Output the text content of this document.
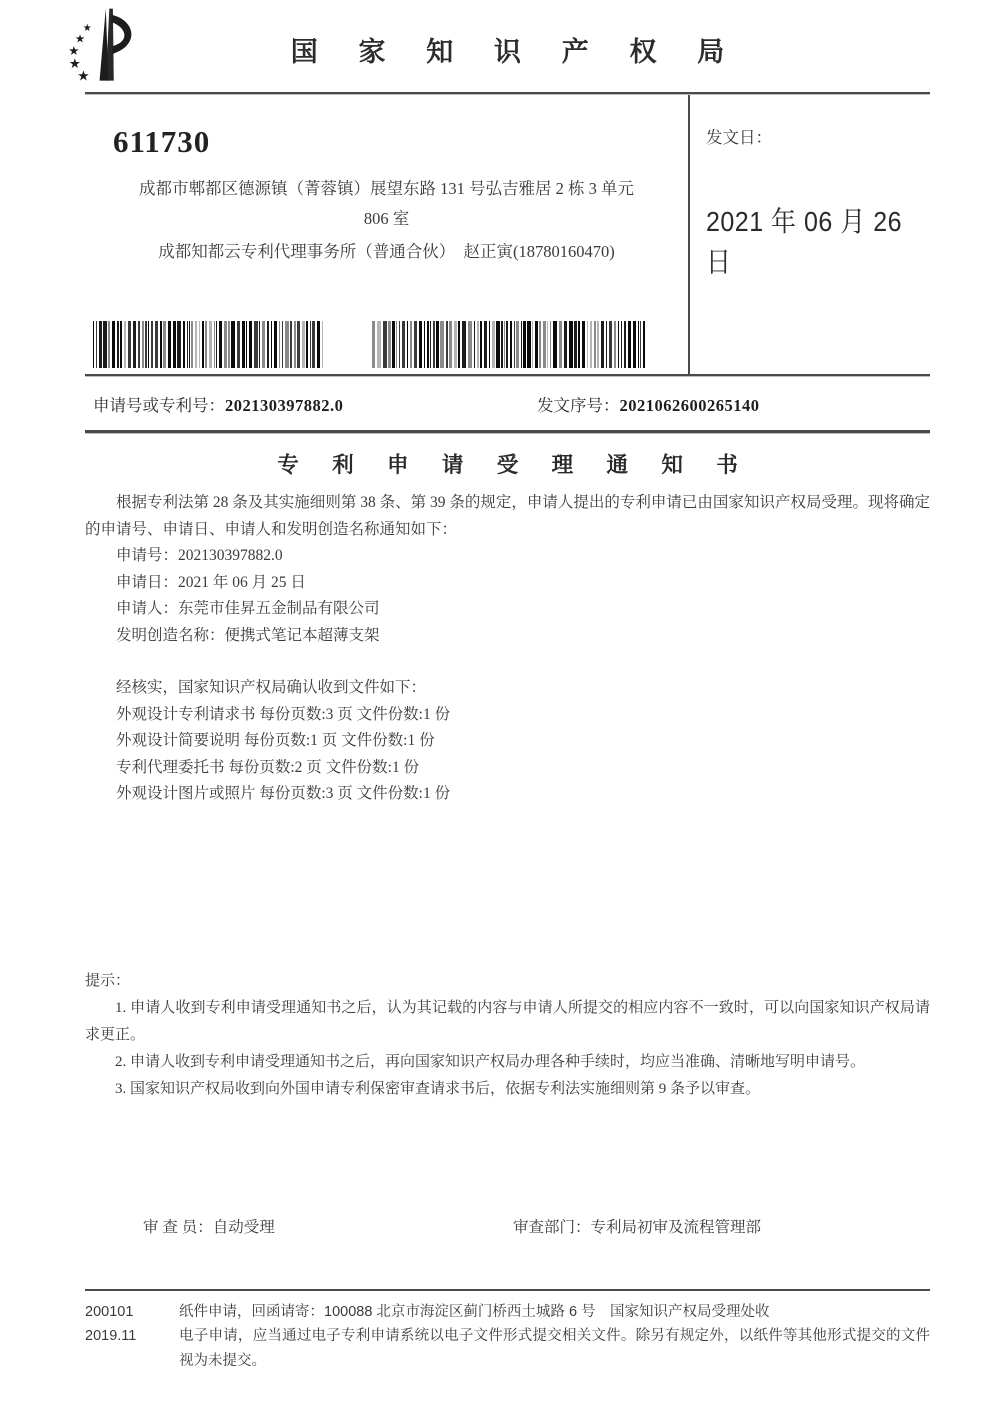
★
★
★
★
★
国 家 知 识 产 权 局
611730
成都市郫都区德源镇（菁蓉镇）展望东路 131 号弘吉雅居 2 栋 3 单元
806 室
成都知都云专利代理事务所（普通合伙）　赵正寅(18780160470)
发文日：
2021 年 06 月 26 日
申请号或专利号：202130397882.0	发文序号：2021062600265140
专 利 申 请 受 理 通 知 书

根据专利法第 28 条及其实施细则第 38 条、第 39 条的规定，申请人提出的专利申请已由国家知识产权局受理。现将确定的申请号、申请日、申请人和发明创造名称通知如下：

申请号：202130397882.0
申请日：2021 年 06 月 25 日
申请人：东莞市佳昇五金制品有限公司
发明创造名称：便携式笔记本超薄支架
经核实，国家知识产权局确认收到文件如下：
外观设计专利请求书 每份页数:3 页 文件份数:1 份
外观设计简要说明 每份页数:1 页 文件份数:1 份
专利代理委托书 每份页数:2 页 文件份数:1 份
外观设计图片或照片 每份页数:3 页 文件份数:1 份

提示：

1. 申请人收到专利申请受理通知书之后，认为其记载的内容与申请人所提交的相应内容不一致时，可以向国家知识产权局请求更正。

2. 申请人收到专利申请受理通知书之后，再向国家知识产权局办理各种手续时，均应当准确、清晰地写明申请号。

3. 国家知识产权局收到向外国申请专利保密审查请求书后，依据专利法实施细则第 9 条予以审查。

审 查 员：自动受理	审查部门：专利局初审及流程管理部
200101
2019.11

纸件申请，回函请寄：100088 北京市海淀区蓟门桥西土城路 6 号　国家知识产权局受理处收

电子申请，应当通过电子专利申请系统以电子文件形式提交相关文件。除另有规定外，以纸件等其他形式提交的文件视为未提交。
